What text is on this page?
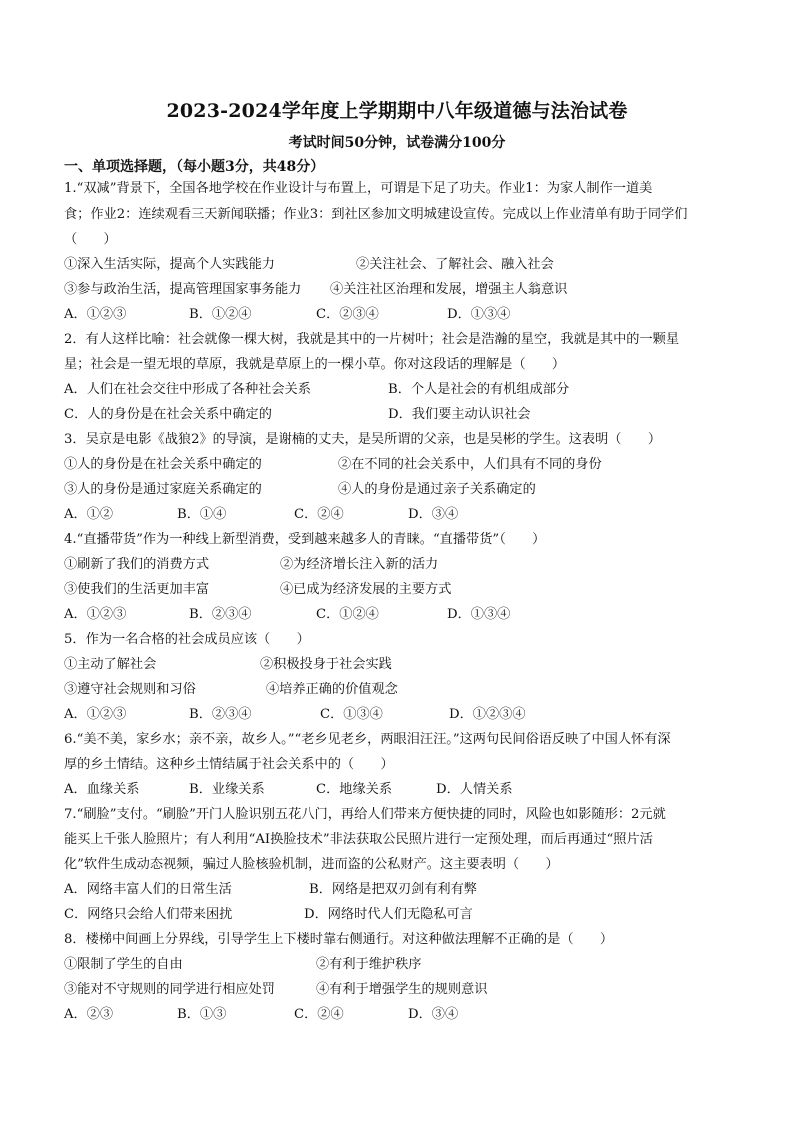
2023-2024学年度上学期期中八年级道德与法治试卷
考试时间50分钟，试卷满分100分
一、单项选择题，（每小题3分，共48分）
1.“双减”背景下，全国各地学校在作业设计与布置上，可谓是下足了功夫。作业1：为家人制作一道美
食；作业2：连续观看三天新闻联播；作业3：到社区参加文明城建设宣传。完成以上作业清单有助于同学们
（　　）
①深入生活实际，提高个人实践能力	②关注社会、了解社会、融入社会
③参与政治生活，提高管理国家事务能力 ④关注社区治理和发展，增强主人翁意识
A．①②③	B．①②④	C．②③④	D．①③④
2．有人这样比喻：社会就像一棵大树，我就是其中的一片树叶；社会是浩瀚的星空，我就是其中的一颗星
星；社会是一望无垠的草原，我就是草原上的一棵小草。你对这段话的理解是（　　）
A．人们在社会交往中形成了各种社会关系	B．个人是社会的有机组成部分
C．人的身份是在社会关系中确定的	D．我们要主动认识社会
3．吴京是电影《战狼2》的导演，是谢楠的丈夫，是吴所谓的父亲，也是吴彬的学生。这表明（　　）
①人的身份是在社会关系中确定的	②在不同的社会关系中，人们具有不同的身份
③人的身份是通过家庭关系确定的	④人的身份是通过亲子关系确定的
A．①②	B．①④	C．②④	D．③④
4.“直播带货”作为一种线上新型消费，受到越来越多人的青睐。“直播带货”（　　）
①刷新了我们的消费方式	②为经济增长注入新的活力
③使我们的生活更加丰富	④已成为经济发展的主要方式
A．①②③	B．②③④	C．①②④	D．①③④
5．作为一名合格的社会成员应该（　　）
①主动了解社会	②积极投身于社会实践
③遵守社会规则和习俗	④培养正确的价值观念
A．①②③	B．②③④	C．①③④	D．①②③④
6.“美不美，家乡水；亲不亲，故乡人。”“老乡见老乡，两眼泪汪汪。”这两句民间俗语反映了中国人怀有深
厚的乡土情结。这种乡土情结属于社会关系中的（　　）
A．血缘关系	B．业缘关系	C．地缘关系	D．人情关系
7.“刷脸”支付。“刷脸”开门人脸识别五花八门，再给人们带来方便快捷的同时，风险也如影随形：2元就
能买上千张人脸照片；有人利用“AI换脸技术”非法获取公民照片进行一定预处理，而后再通过“照片活
化”软件生成动态视频，骗过人脸核验机制，进而盗的公私财产。这主要表明（　　）
A．网络丰富人们的日常生活	B．网络是把双刃剑有利有弊
C．网络只会给人们带来困扰	D．网络时代人们无隐私可言
8．楼梯中间画上分界线，引导学生上下楼时靠右侧通行。对这种做法理解不正确的是（　　）
①限制了学生的自由	②有利于维护秩序
③能对不守规则的同学进行相应处罚	④有利于增强学生的规则意识
A．②③	B．①③	C．②④	D．③④
